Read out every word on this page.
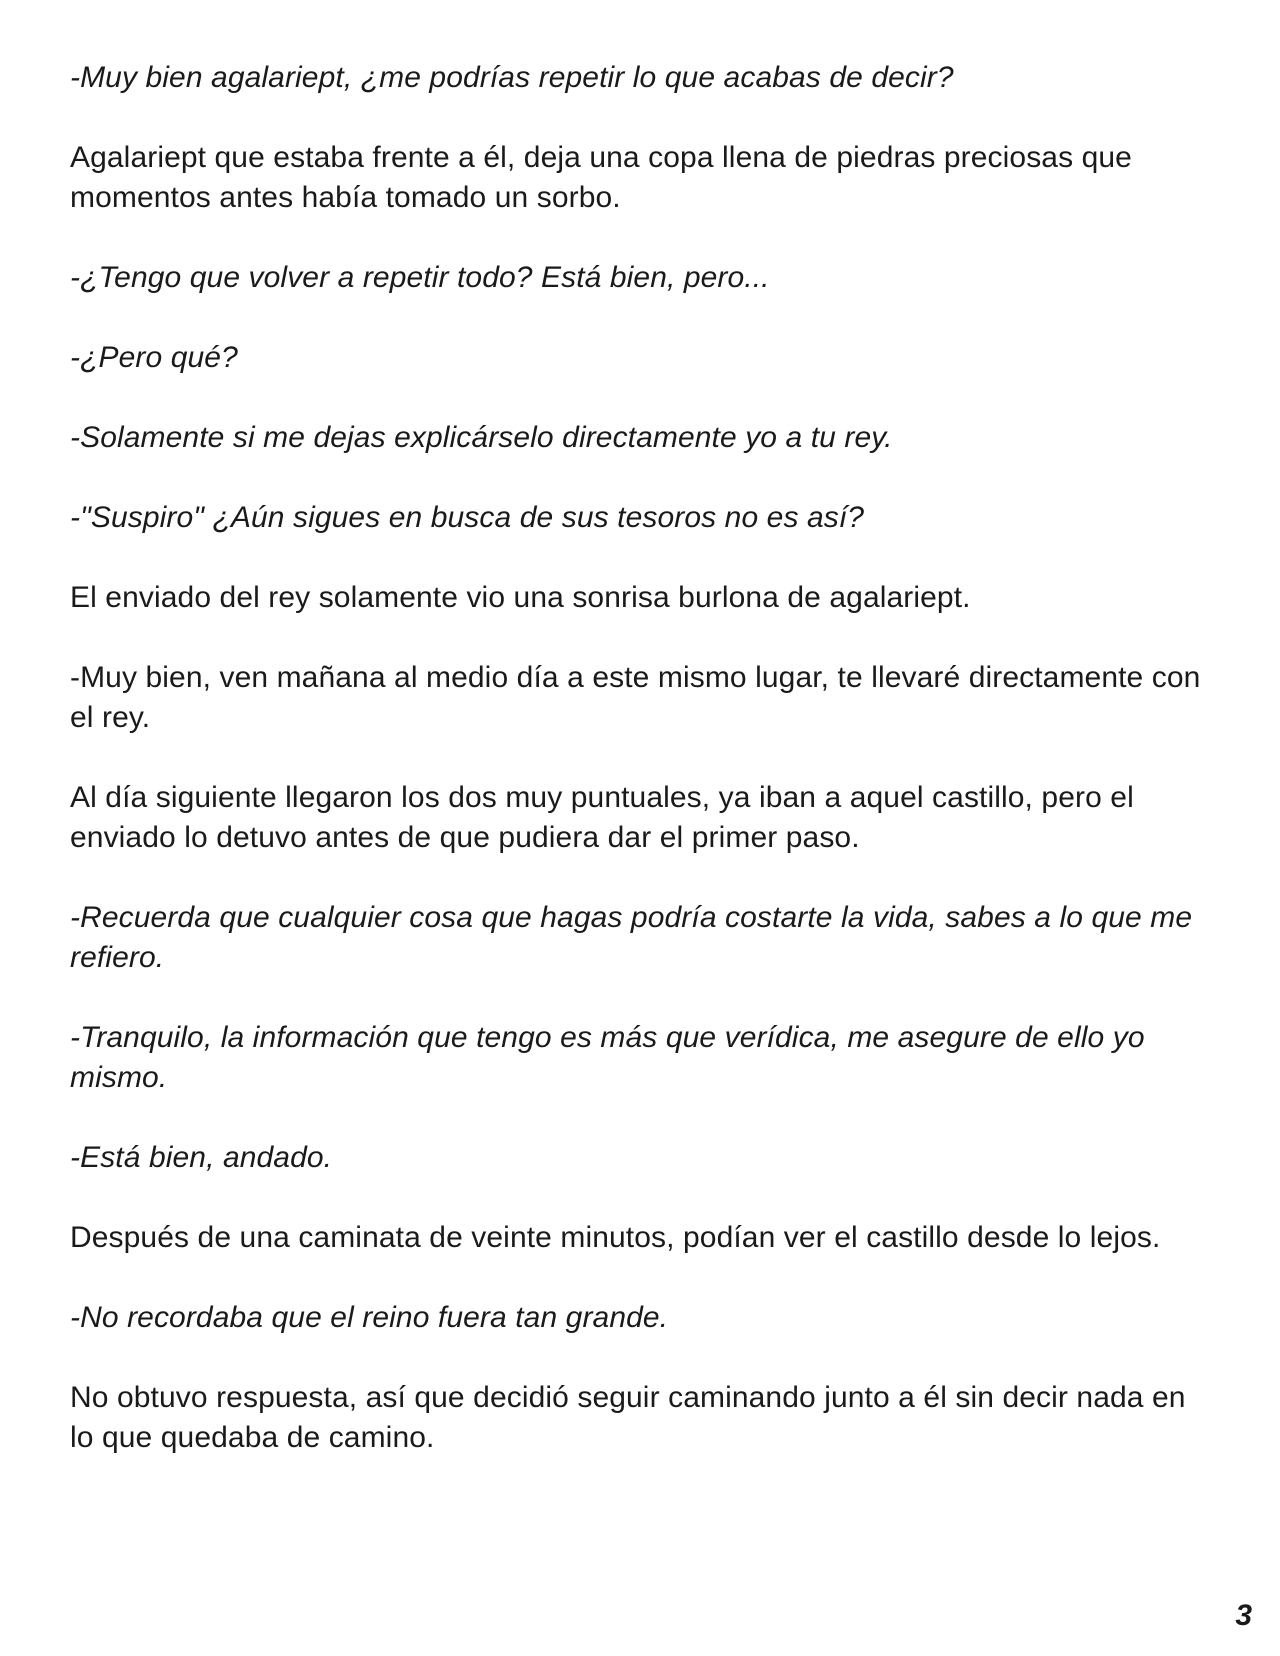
-Muy bien agalariept, ¿me podrías repetir lo que acabas de decir?

Agalariept que estaba frente a él, deja una copa llena de piedras preciosas que momentos antes había tomado un sorbo.

-¿Tengo que volver a repetir todo? Está bien, pero...

-¿Pero qué?

-Solamente si me dejas explicárselo directamente yo a tu rey.

-"Suspiro" ¿Aún sigues en busca de sus tesoros no es así?

El enviado del rey solamente vio una sonrisa burlona de agalariept.

-Muy bien, ven mañana al medio día a este mismo lugar, te llevaré directamente con el rey.

Al día siguiente llegaron los dos muy puntuales, ya iban a aquel castillo, pero el enviado lo detuvo antes de que pudiera dar el primer paso.

-Recuerda que cualquier cosa que hagas podría costarte la vida, sabes a lo que me refiero.

-Tranquilo, la información que tengo es más que verídica, me asegure de ello yo mismo.

-Está bien, andado.

Después de una caminata de veinte minutos, podían ver el castillo desde lo lejos.

-No recordaba que el reino fuera tan grande.

No obtuvo respuesta, así que decidió seguir caminando junto a él sin decir nada en lo que quedaba de camino.

3
